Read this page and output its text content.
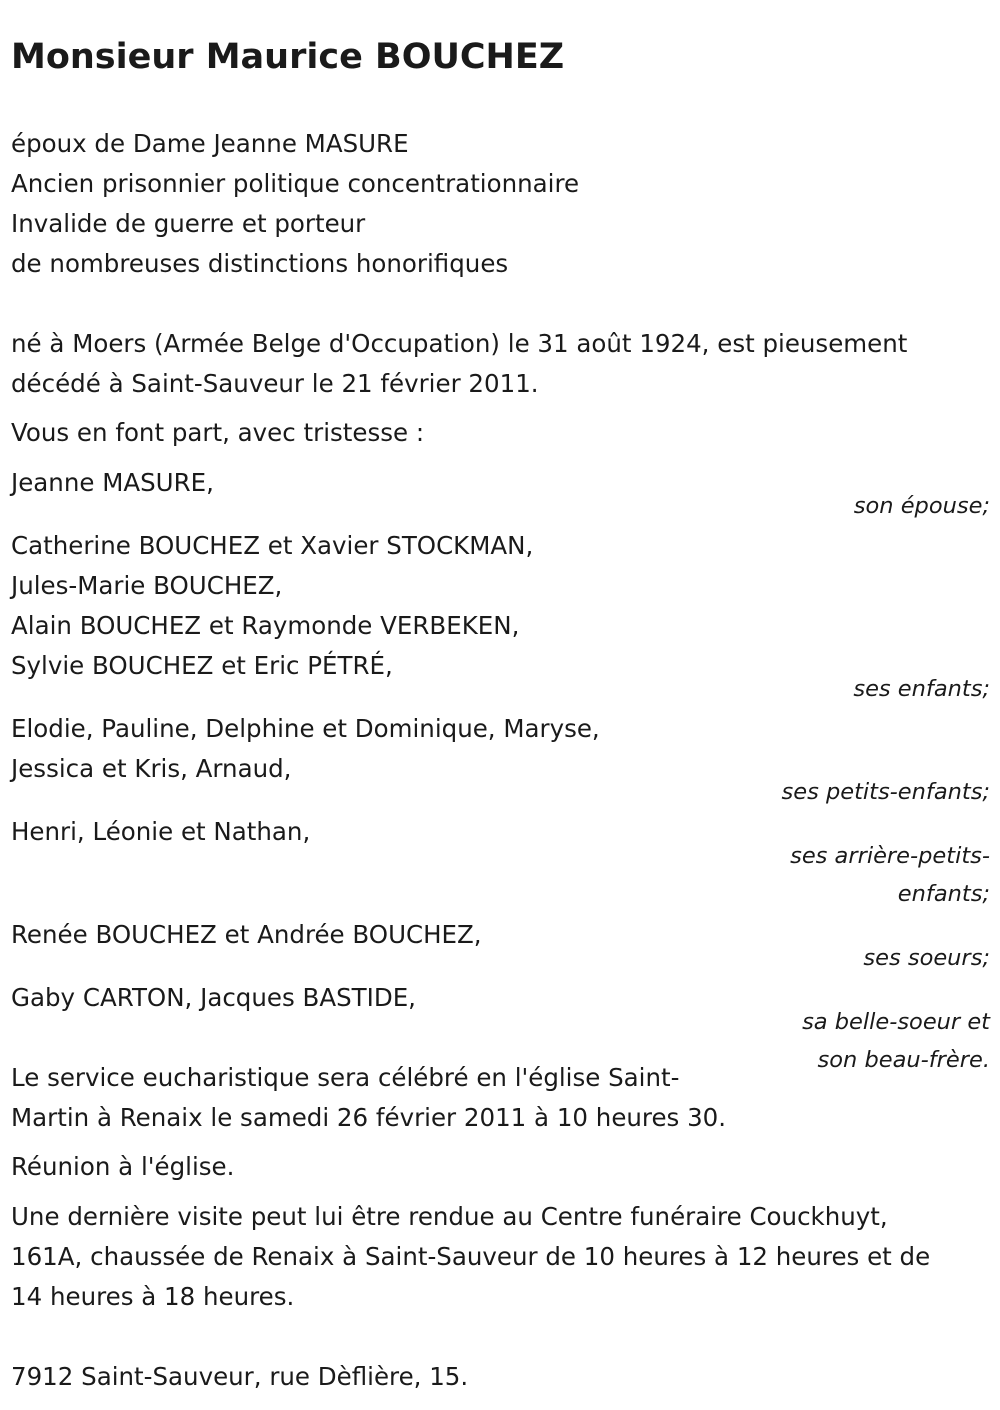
Monsieur Maurice BOUCHEZ

époux de Dame Jeanne MASURE

Ancien prisonnier politique concentrationnaire

Invalide de guerre et porteur

de nombreuses distinctions honorifiques

né à Moers (Armée Belge d'Occupation) le 31 août 1924, est pieusement

décédé à Saint-Sauveur le 21 février 2011.

Vous en font part, avec tristesse :

Jeanne MASURE,

son épouse;

Catherine BOUCHEZ et Xavier STOCKMAN,

Jules-Marie BOUCHEZ,

Alain BOUCHEZ et Raymonde VERBEKEN,

Sylvie BOUCHEZ et Eric PÉTRÉ,

ses enfants;

Elodie, Pauline, Delphine et Dominique, Maryse,

Jessica et Kris, Arnaud,

ses petits-enfants;

Henri, Léonie et Nathan,

ses arrière-petits-

enfants;

Renée BOUCHEZ et Andrée BOUCHEZ,

ses soeurs;

Gaby CARTON, Jacques BASTIDE,

sa belle-soeur et

son beau-frère.

Le service eucharistique sera célébré en l'église Saint-

Martin à Renaix le samedi 26 février 2011 à 10 heures 30.

Réunion à l'église.

Une dernière visite peut lui être rendue au Centre funéraire Couckhuyt,

161A, chaussée de Renaix à Saint-Sauveur de 10 heures à 12 heures et de

14 heures à 18 heures.

7912 Saint-Sauveur, rue Dèflière, 15.
